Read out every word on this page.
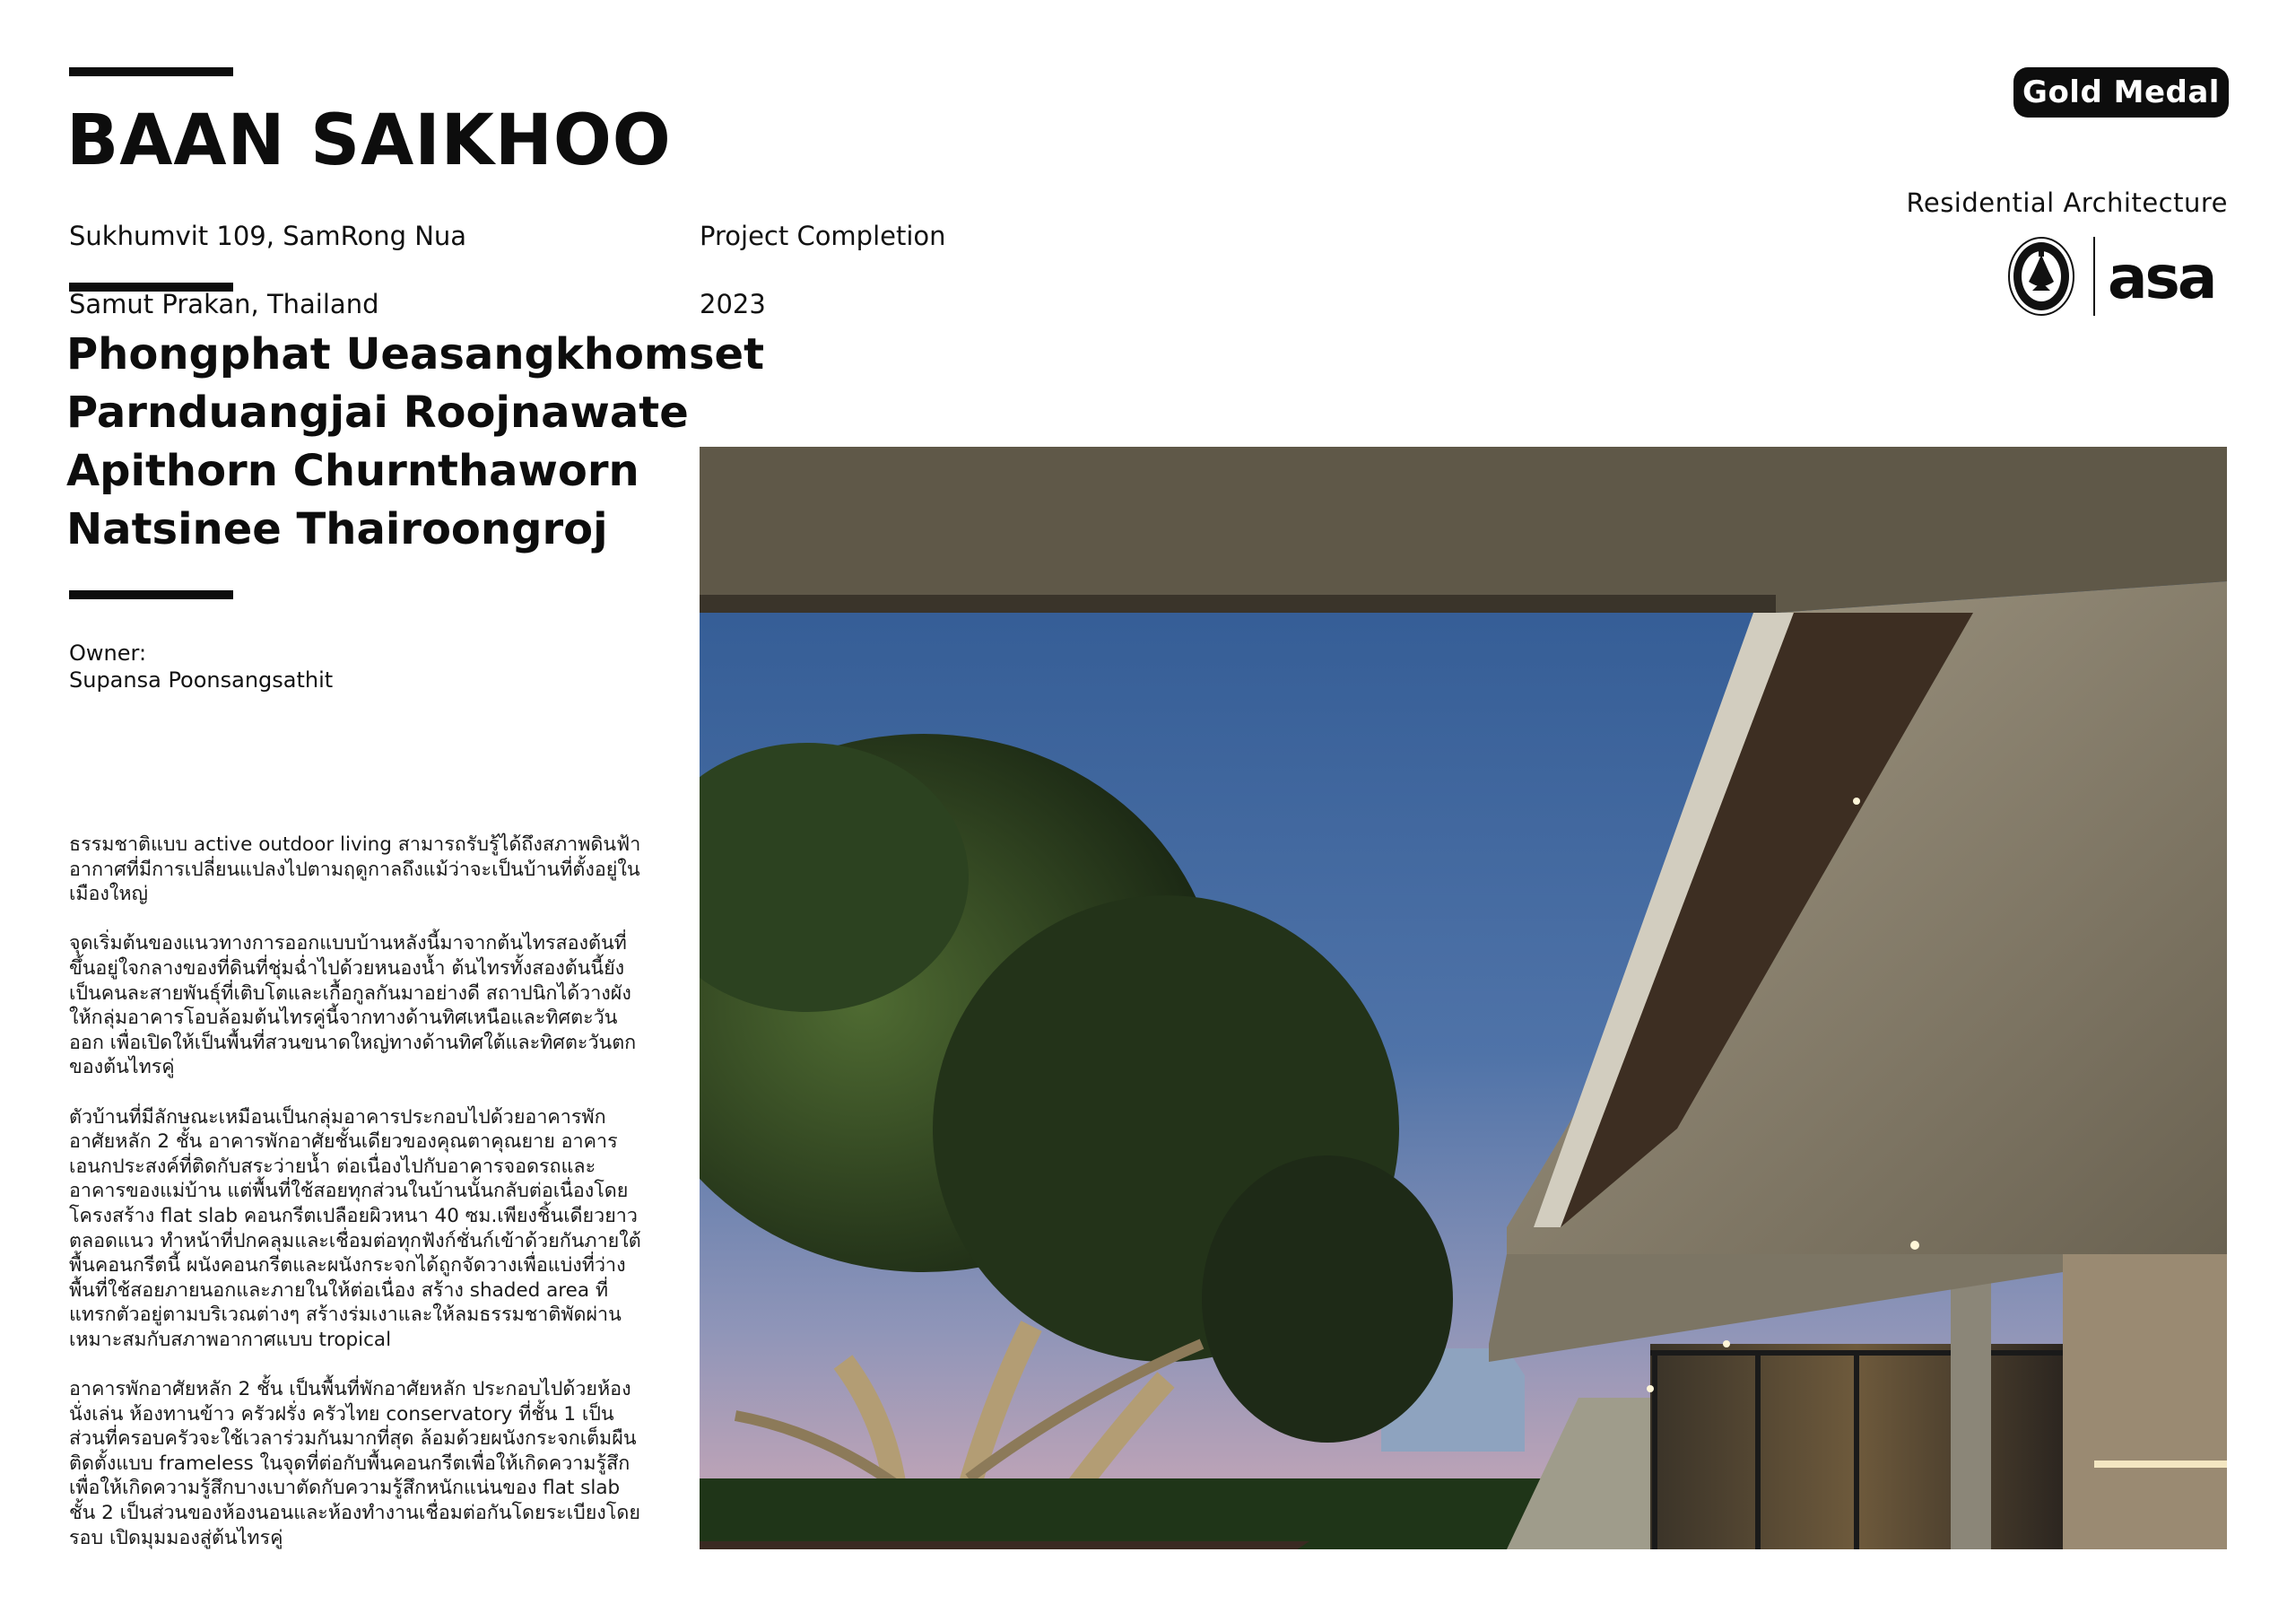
BAAN SAIKHOO

Sukhumvit 109, SamRong Nua

Samut Prakan, Thailand

Project Completion

2023

Phongphat Ueasangkhomset
Parnduangjai Roojnawate
Apithorn Churnthaworn
Natsinee Thairoongroj
Owner:
Supansa Poonsangsathit

ธรรมชาติแบบ active outdoor living สามารถรับรู้ได้ถึงสภาพดินฟ้าอากาศที่มีการเปลี่ยนแปลงไปตามฤดูกาลถึงแม้ว่าจะเป็นบ้านที่ตั้งอยู่ในเมืองใหญ่

จุดเริ่มต้นของแนวทางการออกแบบบ้านหลังนี้มาจากต้นไทรสองต้นที่ขึ้นอยู่ใจกลางของที่ดินที่ชุ่มฉ่ำไปด้วยหนองน้ำ ต้นไทรทั้งสองต้นนี้ยังเป็นคนละสายพันธุ์ที่เติบโตและเกื้อกูลกันมาอย่างดี สถาปนิกได้วางผังให้กลุ่มอาคารโอบล้อมต้นไทรคู่นี้จากทางด้านทิศเหนือและทิศตะวันออก เพื่อเปิดให้เป็นพื้นที่สวนขนาดใหญ่ทางด้านทิศใต้และทิศตะวันตกของต้นไทรคู่

ตัวบ้านที่มีลักษณะเหมือนเป็นกลุ่มอาคารประกอบไปด้วยอาคารพักอาศัยหลัก 2 ชั้น อาคารพักอาศัยชั้นเดียวของคุณตาคุณยาย อาคารเอนกประสงค์ที่ติดกับสระว่ายน้ำ ต่อเนื่องไปกับอาคารจอดรถและอาคารของแม่บ้าน แต่พื้นที่ใช้สอยทุกส่วนในบ้านนั้นกลับต่อเนื่องโดยโครงสร้าง flat slab คอนกรีตเปลือยผิวหนา 40 ซม.เพียงชิ้นเดียวยาวตลอดแนว ทำหน้าที่ปกคลุมและเชื่อมต่อทุกฟังก์ชั่นก์เข้าด้วยกันภายใต้พื้นคอนกรีตนี้ ผนังคอนกรีตและผนังกระจกได้ถูกจัดวางเพื่อแบ่งที่ว่าง พื้นที่ใช้สอยภายนอกและภายในให้ต่อเนื่อง สร้าง shaded area ที่แทรกตัวอยู่ตามบริเวณต่างๆ สร้างร่มเงาและให้ลมธรรมชาติพัดผ่าน เหมาะสมกับสภาพอากาศแบบ tropical

อาคารพักอาศัยหลัก 2 ชั้น เป็นพื้นที่พักอาศัยหลัก ประกอบไปด้วยห้องนั่งเล่น ห้องทานข้าว ครัวฝรั่ง ครัวไทย conservatory ที่ชั้น 1 เป็นส่วนที่ครอบครัวจะใช้เวลาร่วมกันมากที่สุด ล้อมด้วยผนังกระจกเต็มผืนติดตั้งแบบ frameless ในจุดที่ต่อกับพื้นคอนกรีตเพื่อให้เกิดความรู้สึกเพื่อให้เกิดความรู้สึกบางเบาตัดกับความรู้สึกหนักแน่นของ flat slab ชั้น 2 เป็นส่วนของห้องนอนและห้องทำงานเชื่อมต่อกันโดยระเบียงโดยรอบ เปิดมุมมองสู่ต้นไทรคู่

Gold Medal
Residential Architecture
asa
